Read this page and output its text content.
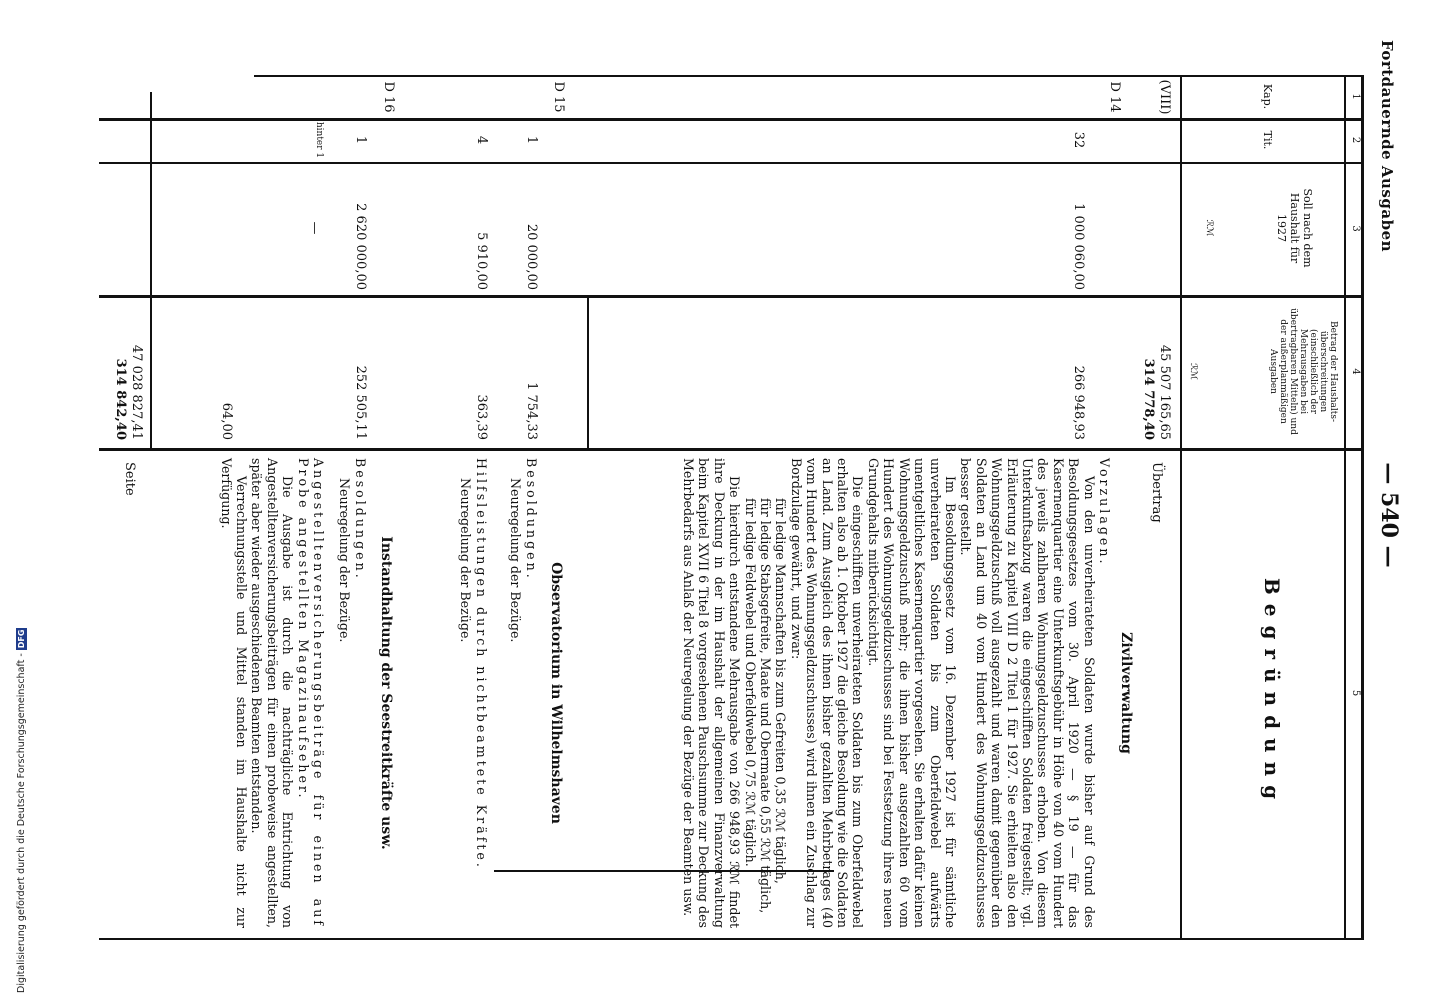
Fortdauernde Ausgaben
— 540 —
1
2
3
4
5
Kap.
Tit.
Soll nach dem Haushalt für 1927
ℛℳ
Betrag der Haushalts-überschreitungen (einschließlich der Mehrausgaben bei übertragbaren Mitteln) und der außerplanmäßigen Ausgaben
ℛℳ
Begründung
(VIII)
45 507 165,65
314 778,40
Übertrag
D 14
32
1 000 060,00
266 948,93
Zivilverwaltung
Vorzulagen.
Von den unverheirateten Soldaten wurde bisher auf Grund des Besoldungsgesetzes vom 30. April 1920 — § 19 — für das Kasernenquartier eine Unterkunftsgebühr in Höhe von 40 vom Hundert des jeweils zahlbaren Wohnungsgeldzuschusses erhoben. Von diesem Unterkunftsabzug waren die eingeschifften Soldaten freigestellt; vgl. Erläuterung zu Kapitel VIII D 2 Titel 1 für 1927. Sie erhielten also den Wohnungsgeldzuschuß voll ausgezahlt und waren damit gegenüber den Soldaten an Land um 40 vom Hundert des Wohnungsgeldzuschusses besser gestellt.
Im Besoldungsgesetz vom 16. Dezember 1927 ist für sämtliche unverheirateten Soldaten bis zum Oberfeldwebel aufwärts unentgeltliches Kasernenquartier vorgesehen. Sie erhalten dafür keinen Wohnungsgeldzuschuß mehr; die ihnen bisher ausgezahlten 60 vom Hundert des Wohnungsgeldzuschusses sind bei Festsetzung ihres neuen Grundgehalts mitberücksichtigt.
Die eingeschifften unverheirateten Soldaten bis zum Oberfeldwebel erhalten also ab 1. Oktober 1927 die gleiche Besoldung wie die Soldaten an Land. Zum Ausgleich des ihnen bisher gezahlten Mehrbetrages (40 vom Hundert des Wohnungsgeldzuschusses) wird ihnen ein Zuschlag zur Bordzulage gewährt, und zwar:
für ledige Mannschaften bis zum Gefreiten 0,35 ℛℳ täglich,
für ledige Stabsgefreite, Maate und Obermaate 0,55 ℛℳ täglich,
für ledige Feldwebel und Oberfeldwebel 0,75 ℛℳ täglich.
Die hierdurch entstandene Mehrausgabe von 266 948,93 ℛℳ findet ihre Deckung in der im Haushalt der allgemeinen Finanzverwaltung beim Kapitel XVII 6 Titel 8 vorgesehenen Pauschsumme zur Deckung des Mehrbedarfs aus Anlaß der Neuregelung der Bezüge der Beamten usw.
D 15
Observatorium in Wilhelmshaven
1
20 000,00
1 754,33
Besoldungen.
Neuregelung der Bezüge.
4
5 910,00
363,39
Hilfsleistungen durch nichtbeamtete Kräfte.
Neuregelung der Bezüge.
D 16
Instandhaltung der Seestreitkräfte usw.
1
2 620 000,00
252 505,11
Besoldungen.
Neuregelung der Bezüge.
hinter 1
—
64,00
Angestelltenversicherungsbeiträge für einen auf Probe angestellten Magazinaufseher.
Die Ausgabe ist durch die nachträgliche Entrichtung von Angestelltenversicherungsbeiträgen für einen probeweise angestellten, später aber wieder ausgeschiedenen Beamten entstanden.
Verrechnungsstelle und Mittel standen im Haushalte nicht zur Verfügung.
47 028 827,41
314 842,40
Seite
Digitalisierung gefördert durch die Deutsche Forschungsgemeinschaft -DFG
